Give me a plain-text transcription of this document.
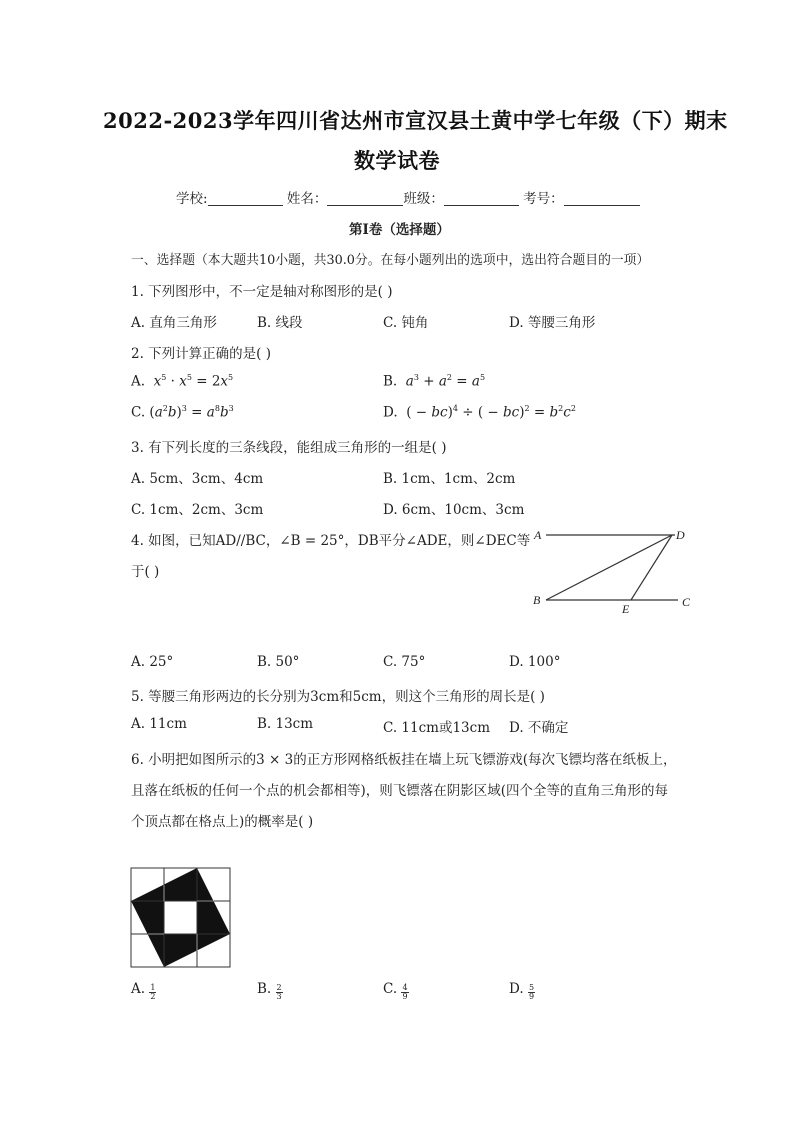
2022-2023学年四川省达州市宣汉县土黄中学七年级（下）期末
数学试卷
学校:	姓名：	班级：	考号：
第I卷（选择题）
一、选择题（本大题共10小题，共30.0分。在每小题列出的选项中，选出符合题目的一项）
1. 下列图形中，不一定是轴对称图形的是( )
A. 直角三角形	B. 线段	C. 钝角	D. 等腰三角形
2. 下列计算正确的是( )
A.  $x^5 \cdot x^5 = 2x^5$	B.  $a^3 + a^2 = a^5$
C. $(a^2b)^3 = a^8b^3$	D.  ( − bc)$^4$ ÷ ( − $bc)^2 = b^2c^2$
3. 有下列长度的三条线段，能组成三角形的一组是( )
A. 5cm、3cm、4cm	B. 1cm、1cm、2cm
C. 1cm、2cm、3cm	D. 6cm、10cm、3cm
4. 如图，已知AD//BC，∠B = 25°，DB平分∠ADE，则∠DEC等
于( )
A	D
B	C
E
A. 25°	B. 50°	C. 75°	D. 100°
5. 等腰三角形两边的长分别为3cm和5cm，则这个三角形的周长是( )
A. 11cm	B. 13cm	C. 11cm或13cm D. 不确定
6. 小明把如图所示的3 × 3的正方形网格纸板挂在墙上玩飞镖游戏(每次飞镖均落在纸板上，
且落在纸板的任何一个点的机会都相等)，则飞镖落在阴影区域(四个全等的直角三角形的每
个顶点都在格点上)的概率是( )
A. $\frac{1}{2}$	B. $\frac{2}{3}$	C. $\frac{4}{9}$	D. $\frac{5}{9}$
